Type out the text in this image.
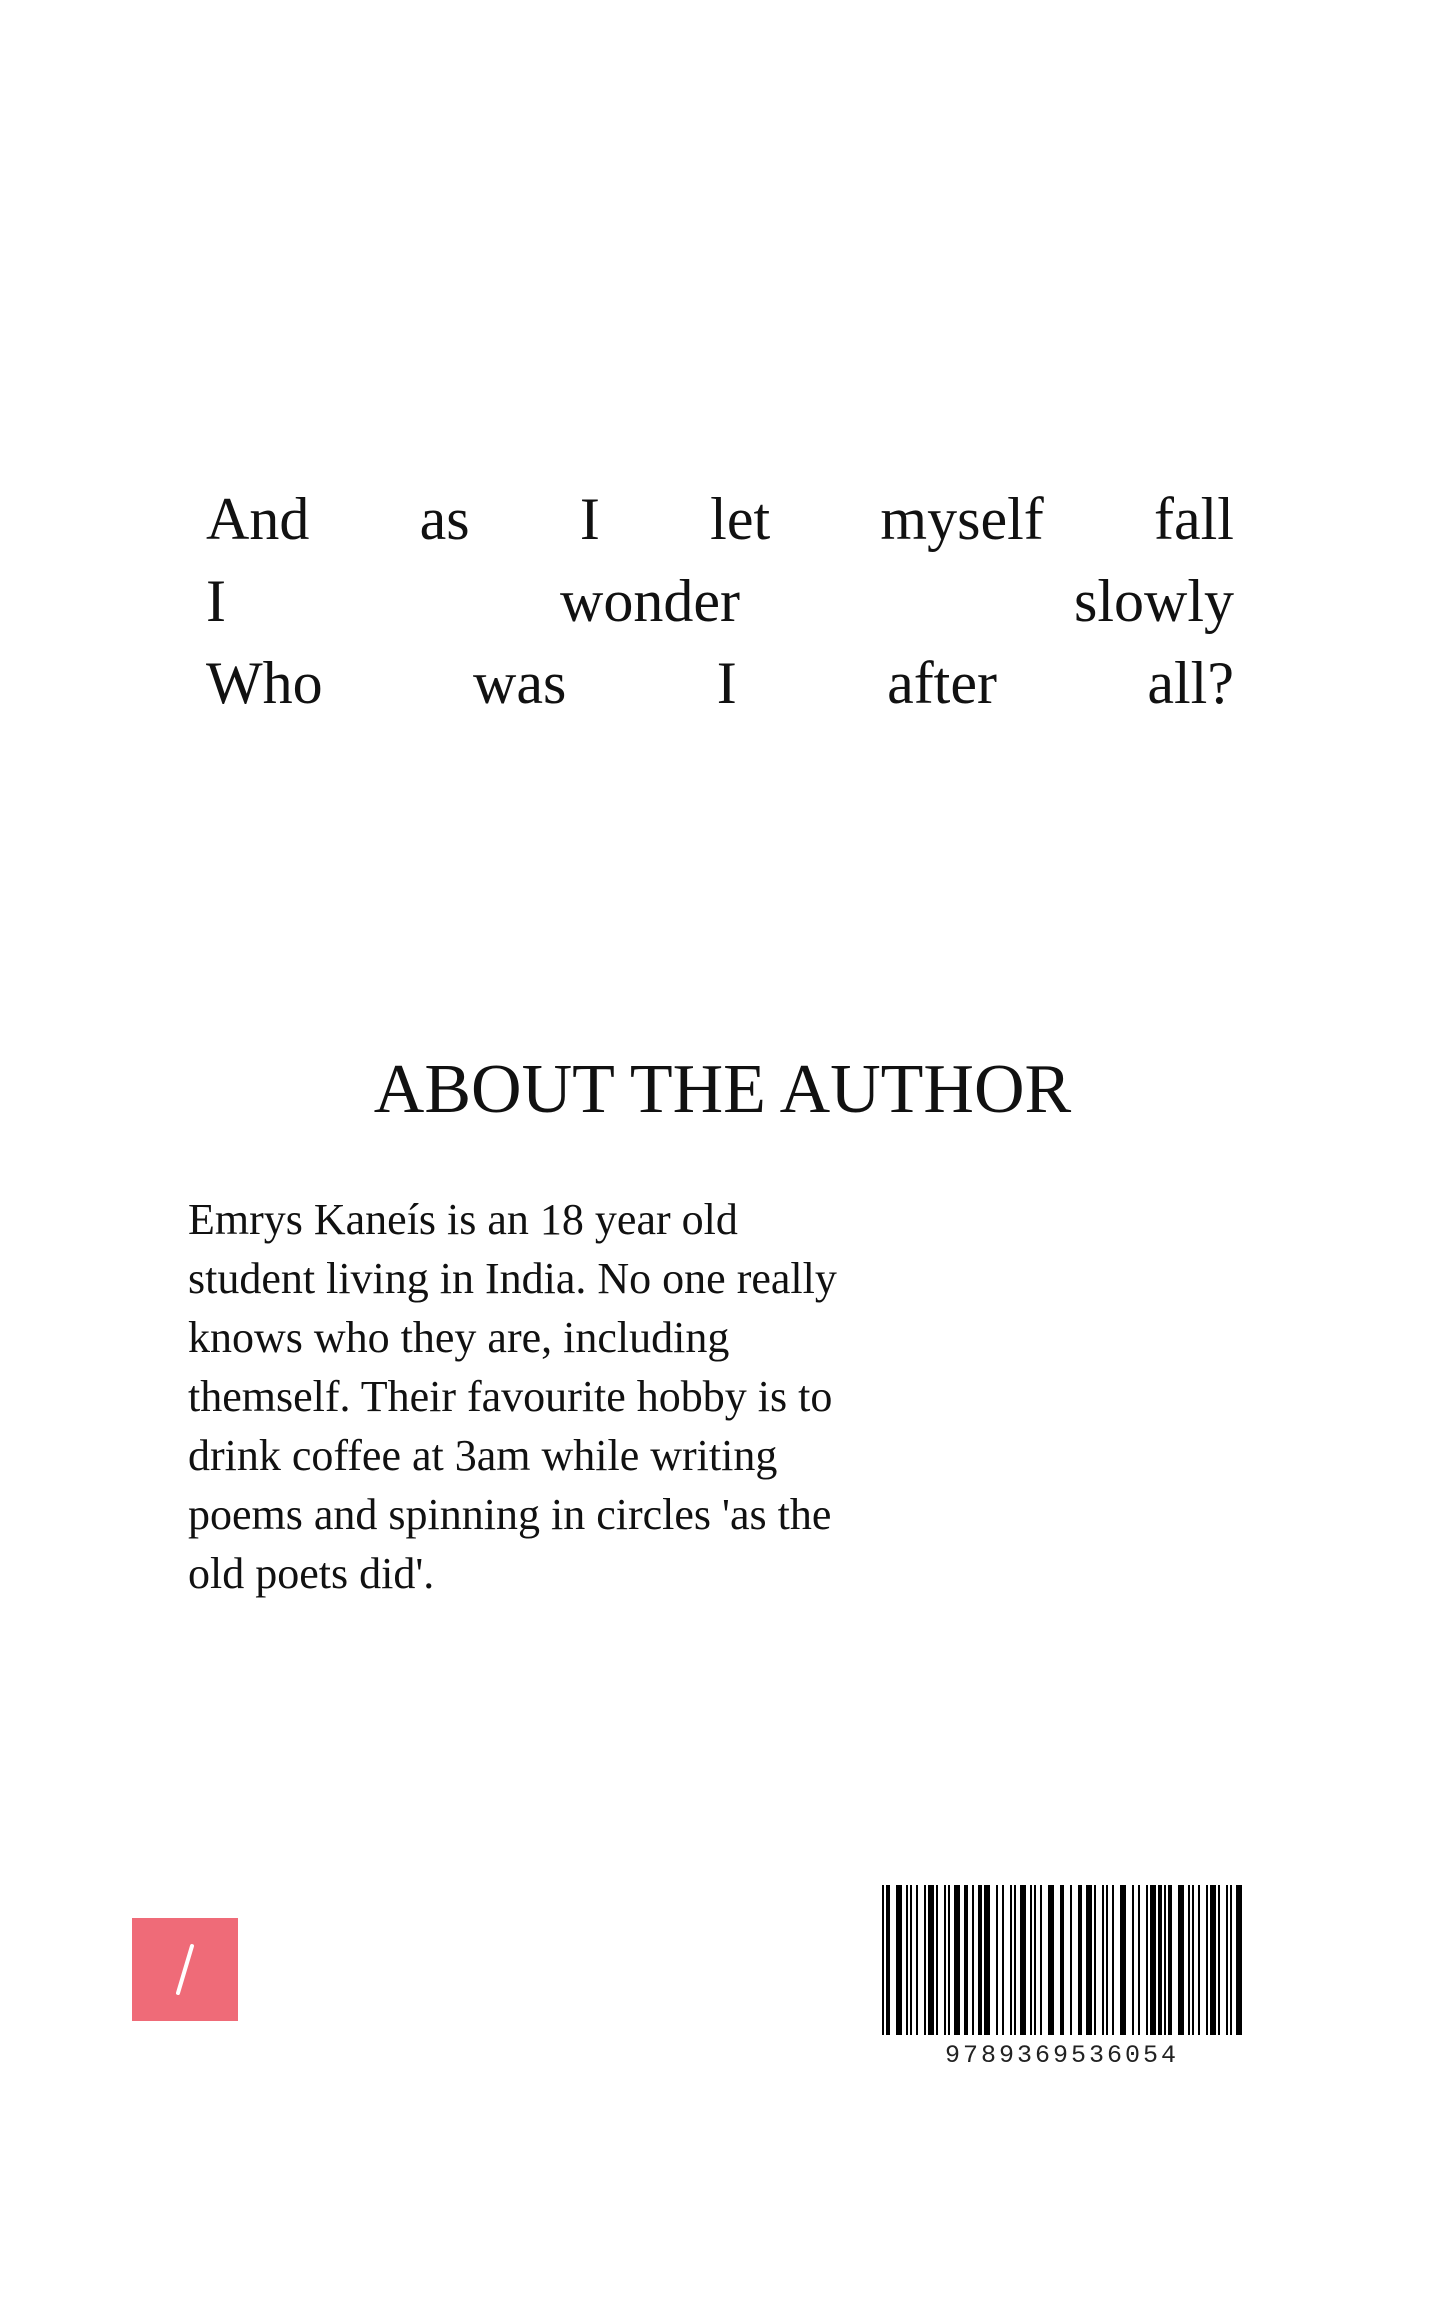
And as I let myself fall
I	wonder	slowly
Who	was	I	after	all?
ABOUT THE AUTHOR
Emrys Kaneís is an 18 year old
student living in India. No one really
knows who they are, including
themself. Their favourite hobby is to
drink coffee at 3am while writing
poems and spinning in circles 'as the
old poets did'.
9789369536054
